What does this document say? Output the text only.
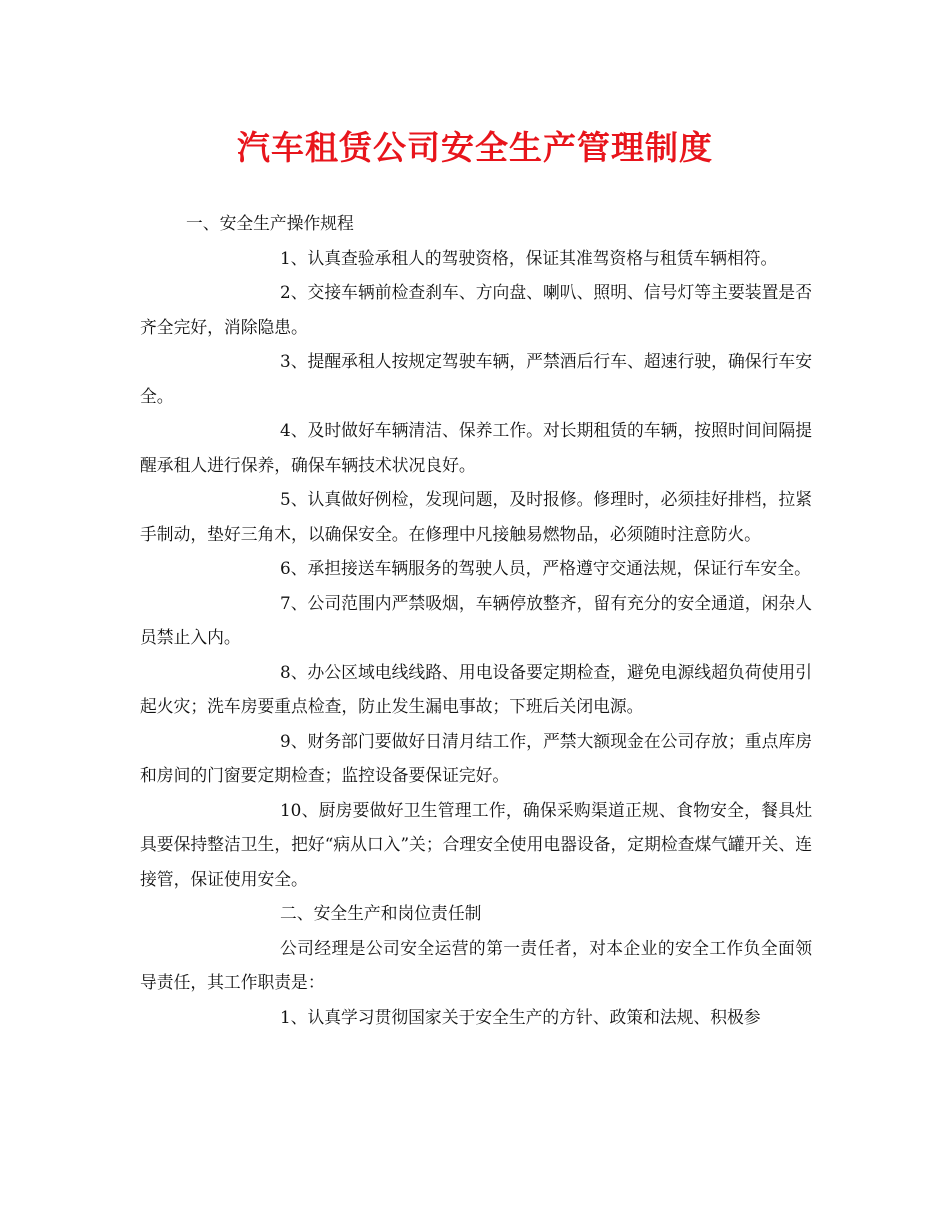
汽车租赁公司安全生产管理制度

一、安全生产操作规程

1、认真查验承租人的驾驶资格，保证其准驾资格与租赁车辆相符。

2、交接车辆前检查刹车、方向盘、喇叭、照明、信号灯等主要装置是否齐全完好，消除隐患。

3、提醒承租人按规定驾驶车辆，严禁酒后行车、超速行驶，确保行车安全。

4、及时做好车辆清洁、保养工作。对长期租赁的车辆，按照时间间隔提醒承租人进行保养，确保车辆技术状况良好。

5、认真做好例检，发现问题，及时报修。修理时，必须挂好排档，拉紧手制动，垫好三角木，以确保安全。在修理中凡接触易燃物品，必须随时注意防火。

6、承担接送车辆服务的驾驶人员，严格遵守交通法规，保证行车安全。

7、公司范围内严禁吸烟，车辆停放整齐，留有充分的安全通道，闲杂人员禁止入内。

8、办公区域电线线路、用电设备要定期检查，避免电源线超负荷使用引起火灾；洗车房要重点检查，防止发生漏电事故；下班后关闭电源。

9、财务部门要做好日清月结工作，严禁大额现金在公司存放；重点库房和房间的门窗要定期检查；监控设备要保证完好。

10、厨房要做好卫生管理工作，确保采购渠道正规、食物安全，餐具灶具要保持整洁卫生，把好“病从口入”关；合理安全使用电器设备，定期检查煤气罐开关、连接管，保证使用安全。

二、安全生产和岗位责任制

公司经理是公司安全运营的第一责任者，对本企业的安全工作负全面领导责任，其工作职责是：

1、认真学习贯彻国家关于安全生产的方针、政策和法规、积极参
